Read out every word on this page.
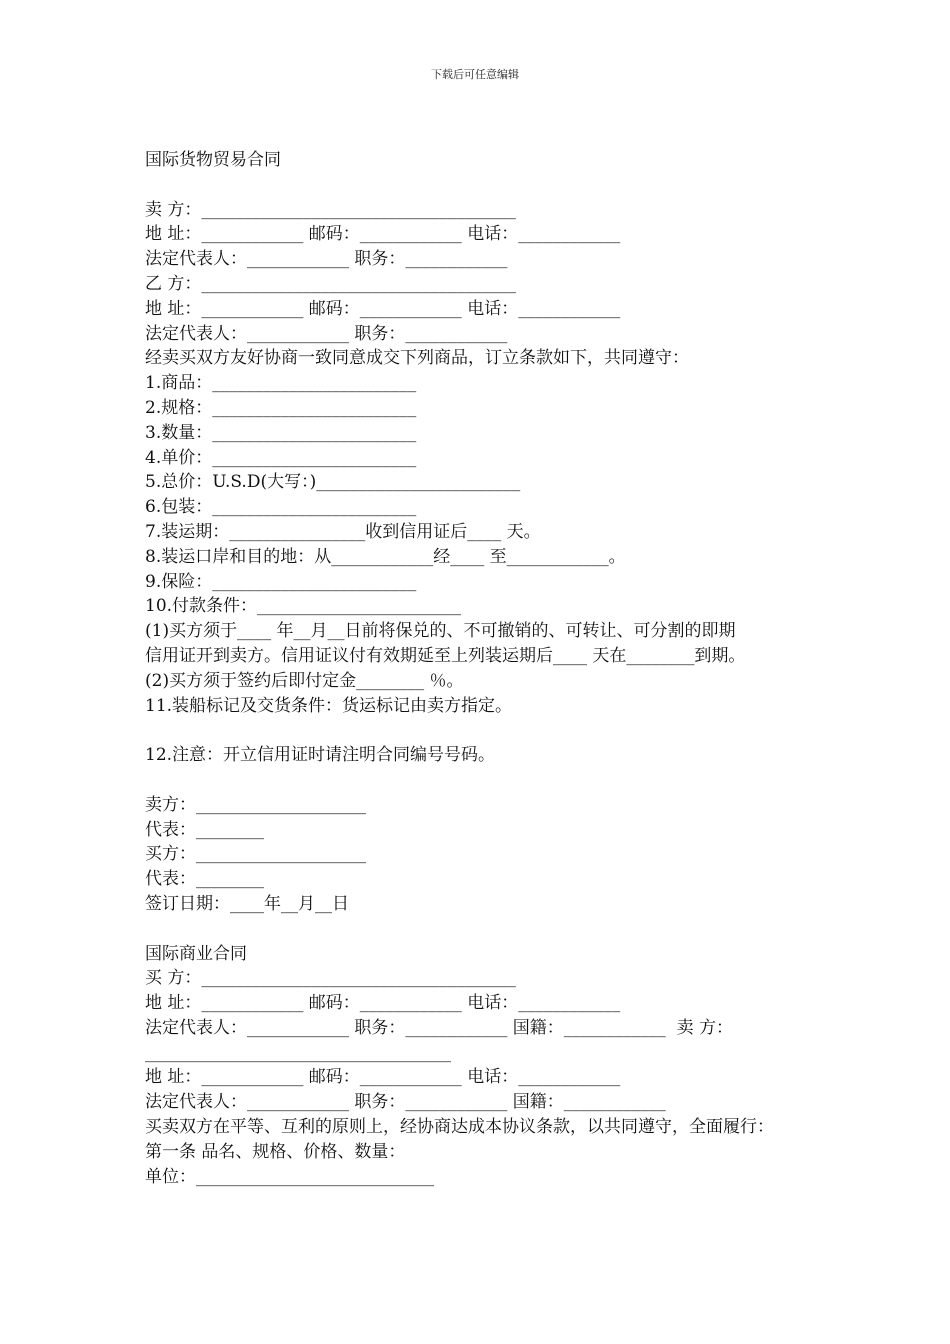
下载后可任意编辑
国际货物贸易合同
卖 方：_____________________________________
地 址：____________ 邮码：____________ 电话：____________
法定代表人：____________ 职务：____________
乙 方：_____________________________________
地 址：____________ 邮码：____________ 电话：____________
法定代表人：____________ 职务：____________
经卖买双方友好协商一致同意成交下列商品，订立条款如下，共同遵守：
1.商品：________________________
2.规格：________________________
3.数量：________________________
4.单价：________________________
5.总价：U.S.D(大写：)________________________
6.包装：________________________
7.装运期：________________收到信用证后____ 天。
8.装运口岸和目的地：从____________经____ 至____________。
9.保险：________________________
10.付款条件：________________________
(1)买方须于____ 年__月__日前将保兑的、不可撤销的、可转让、可分割的即期
信用证开到卖方。信用证议付有效期延至上列装运期后____ 天在________到期。
(2)买方须于签约后即付定金________ ％。
11.装船标记及交货条件：货运标记由卖方指定。
12.注意：开立信用证时请注明合同编号号码。
卖方：____________________
代表：________
买方：____________________
代表：________
签订日期：____年__月__日
国际商业合同
买 方：_____________________________________
地 址：____________ 邮码：____________ 电话：____________
法定代表人：____________ 职务：____________ 国籍：____________  卖 方：
____________________________________
地 址：____________ 邮码：____________ 电话：____________
法定代表人：____________ 职务：____________ 国籍：____________
买卖双方在平等、互利的原则上，经协商达成本协议条款，以共同遵守，全面履行：
第一条 品名、规格、价格、数量：
单位：____________________________
